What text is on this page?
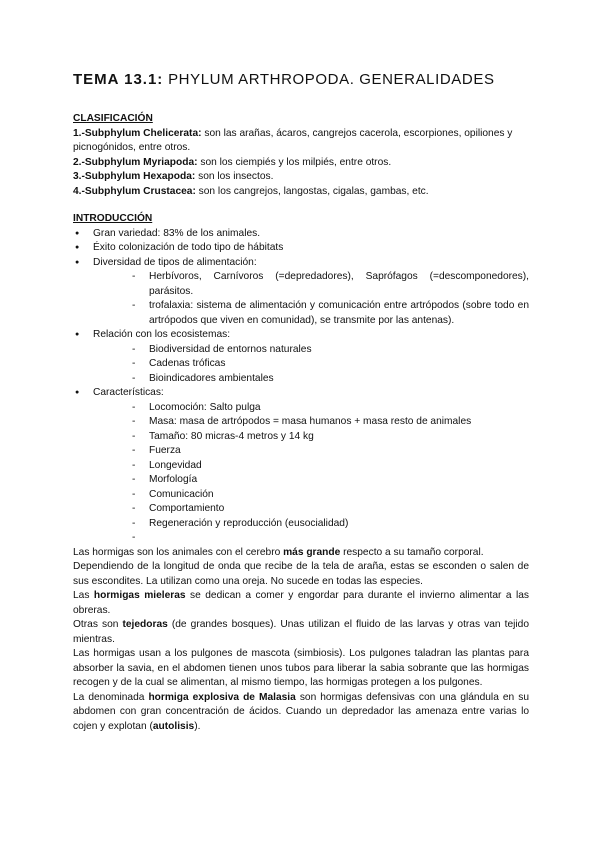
TEMA 13.1: PHYLUM ARTHROPODA. GENERALIDADES
CLASIFICACIÓN

1.-Subphylum Chelicerata: son las arañas, ácaros, cangrejos cacerola, escorpiones, opiliones y picnogónidos, entre otros.

2.-Subphylum Myriapoda: son los ciempiés y los milpiés, entre otros.

3.-Subphylum Hexapoda: son los insectos.

4.-Subphylum Crustacea: son los cangrejos, langostas, cigalas, gambas, etc.

INTRODUCCIÓN
● Gran variedad: 83% de los animales.
● Éxito colonización de todo tipo de hábitats
● Diversidad de tipos de alimentación:
- Herbívoros, Carnívoros (=depredadores), Saprófagos (=descomponedores), parásitos.
- trofalaxia: sistema de alimentación y comunicación entre artrópodos (sobre todo en artrópodos que viven en comunidad), se transmite por las antenas).
● Relación con los ecosistemas:
- Biodiversidad de entornos naturales
- Cadenas tróficas
- Bioindicadores ambientales
● Características:
- Locomoción: Salto pulga
- Masa: masa de artrópodos = masa humanos + masa resto de animales
- Tamaño: 80 micras-4 metros y 14 kg
- Fuerza
- Longevidad
- Morfología
- Comunicación
- Comportamiento
- Regeneración y reproducción (eusocialidad)
-

Las hormigas son los animales con el cerebro más grande respecto a su tamaño corporal.

Dependiendo de la longitud de onda que recibe de la tela de araña, estas se esconden o salen de sus escondites. La utilizan como una oreja. No sucede en todas las especies.

Las hormigas mieleras se dedican a comer y engordar para durante el invierno alimentar a las obreras.

Otras son tejedoras (de grandes bosques). Unas utilizan el fluido de las larvas y otras van tejido mientras.

Las hormigas usan a los pulgones de mascota (simbiosis). Los pulgones taladran las plantas para absorber la savia, en el abdomen tienen unos tubos para liberar la sabia sobrante que las hormigas recogen y de la cual se alimentan, al mismo tiempo, las hormigas protegen a los pulgones.

La denominada hormiga explosiva de Malasia son hormigas defensivas con una glándula en su abdomen con gran concentración de ácidos. Cuando un depredador las amenaza entre varias lo cojen y explotan (autolisis).
